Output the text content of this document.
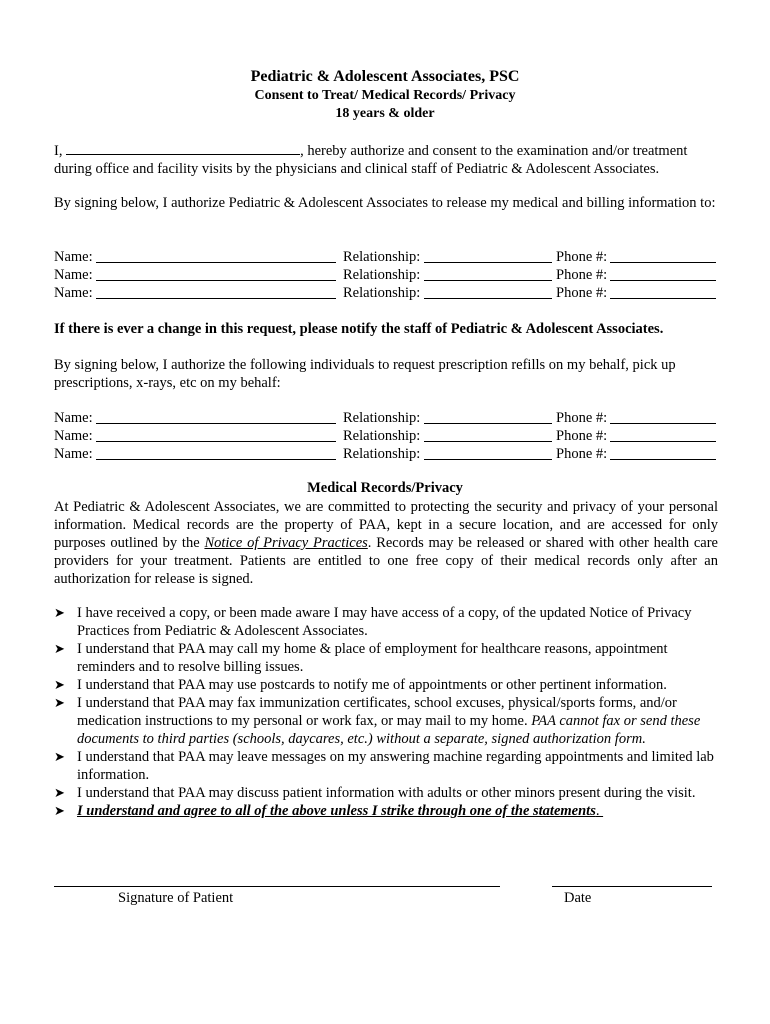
Pediatric & Adolescent Associates, PSC
Consent to Treat/ Medical Records/ Privacy
18 years & older

I,	, hereby authorize and consent to the examination and/or treatment during office and facility visits by the physicians and clinical staff of Pediatric & Adolescent Associates.

By signing below, I authorize Pediatric & Adolescent Associates to release my medical and billing information to:

Name:	Relationship:	Phone #:
Name:	Relationship:	Phone #:
Name:	Relationship:	Phone #:

If there is ever a change in this request, please notify the staff of Pediatric & Adolescent Associates.

By signing below, I authorize the following individuals to request prescription refills on my behalf, pick up prescriptions, x-rays, etc on my behalf:

Name:	Relationship:	Phone #:
Name:	Relationship:	Phone #:
Name:	Relationship:	Phone #:
Medical Records/Privacy

At Pediatric & Adolescent Associates, we are committed to protecting the security and privacy of your personal information. Medical records are the property of PAA, kept in a secure location, and are accessed for only purposes outlined by the Notice of Privacy Practices. Records may be released or shared with other health care providers for your treatment. Patients are entitled to one free copy of their medical records only after an authorization for release is signed.

➤ I have received a copy, or been made aware I may have access of a copy, of the updated Notice of Privacy Practices from Pediatric & Adolescent Associates.

➤ I understand that PAA may call my home & place of employment for healthcare reasons, appointment reminders and to resolve billing issues.

➤ I understand that PAA may use postcards to notify me of appointments or other pertinent information.

➤ I understand that PAA may fax immunization certificates, school excuses, physical/sports forms, and/or medication instructions to my personal or work fax, or may mail to my home. PAA cannot fax or send these documents to third parties (schools, daycares, etc.) without a separate, signed authorization form.

➤ I understand that PAA may leave messages on my answering machine regarding appointments and limited lab information.

➤ I understand that PAA may discuss patient information with adults or other minors present during the visit.

➤ I understand and agree to all of the above unless I strike through one of the statements.

Signature of Patient	Date
